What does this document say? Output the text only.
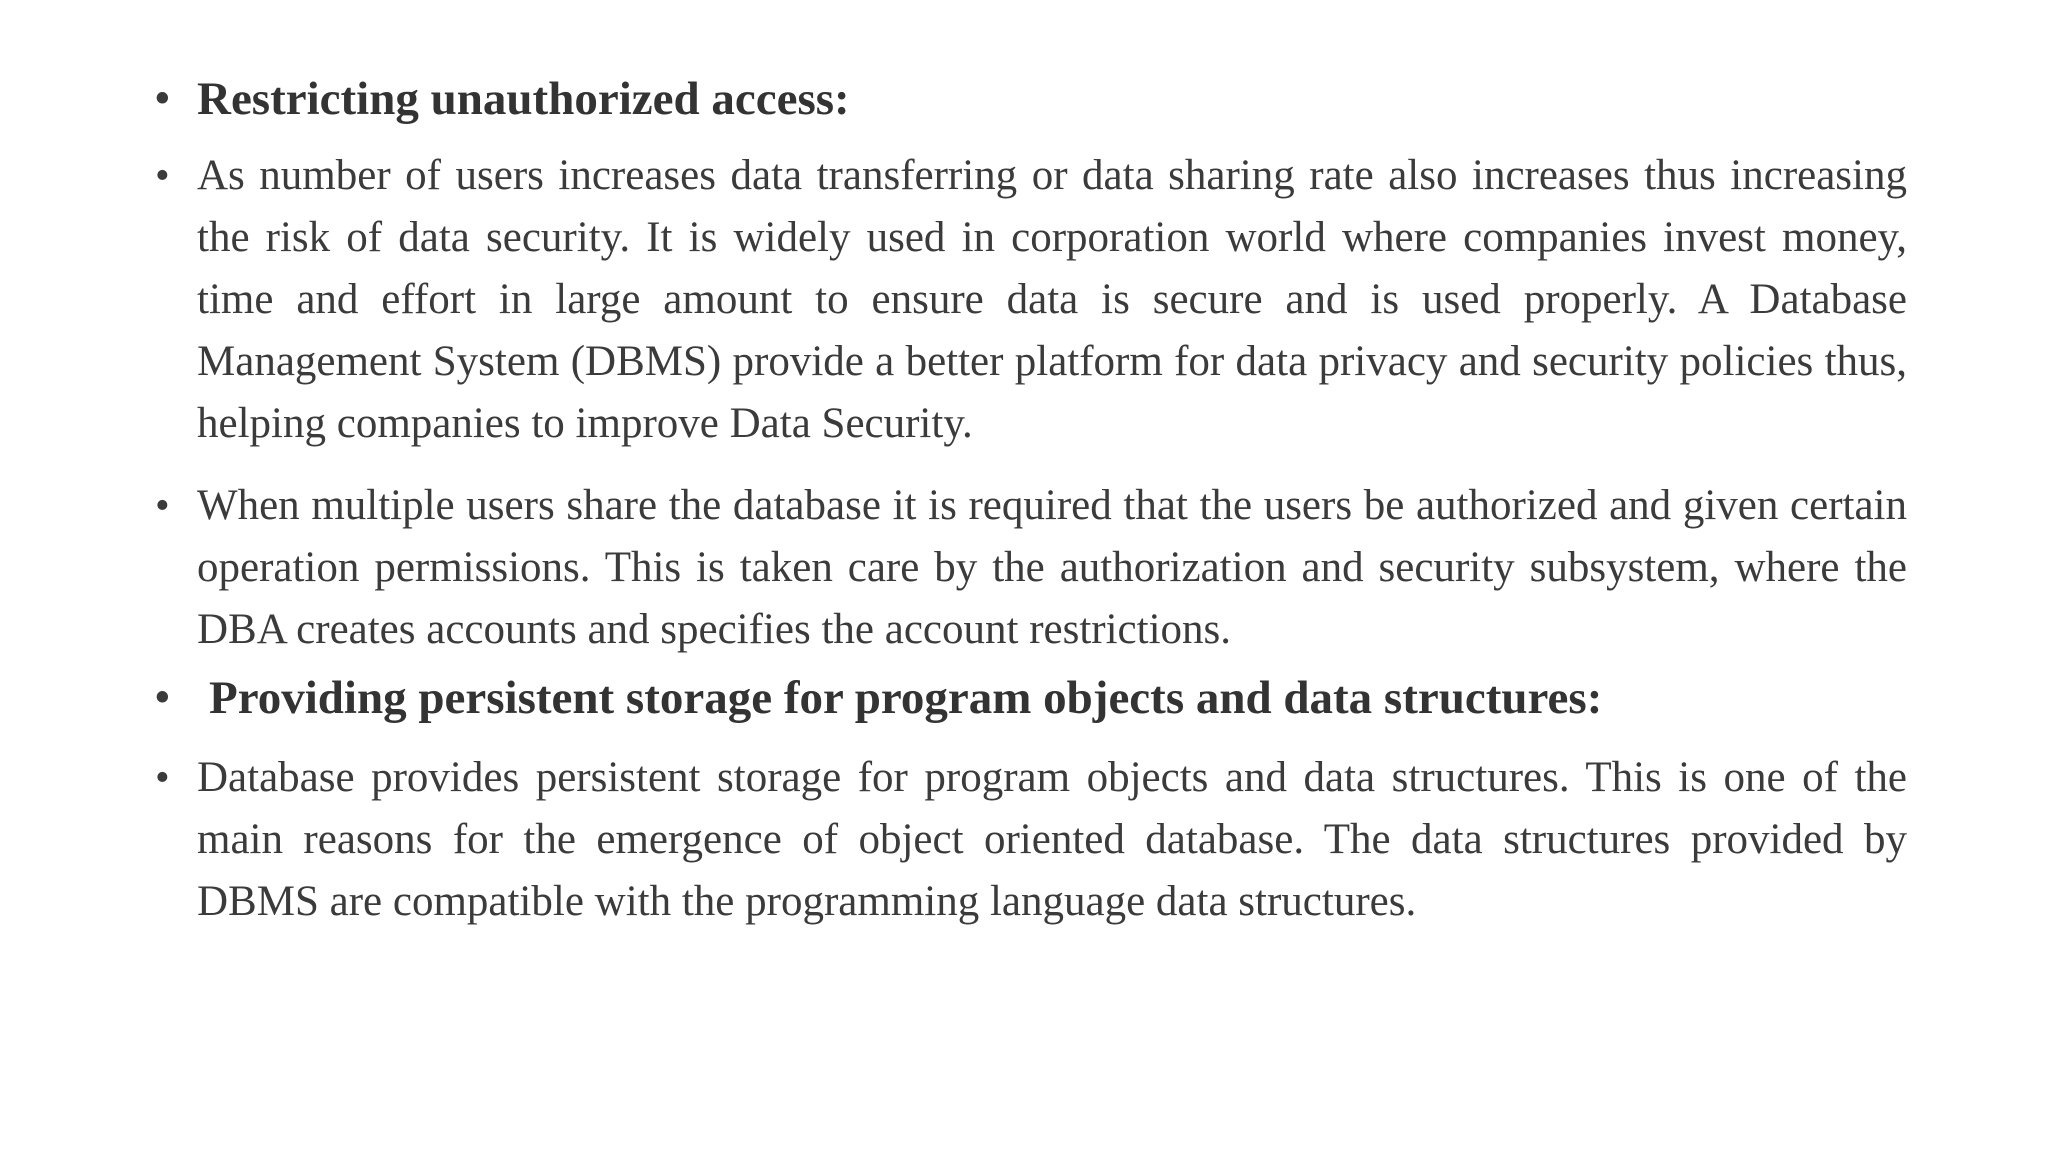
• Restricting unauthorized access:
• As number of users increases data transferring or data sharing rate also increases thus increasing the risk of data security. It is widely used in corporation world where companies invest money, time and effort in large amount to ensure data is secure and is used properly. A Database Management System (DBMS) provide a better platform for data privacy and security policies thus, helping companies to improve Data Security.
• When multiple users share the database it is required that the users be authorized and given certain operation permissions. This is taken care by the authorization and security subsystem, where the DBA creates accounts and specifies the account restrictions.
• Providing persistent storage for program objects and data structures:
• Database provides persistent storage for program objects and data structures. This is one of the main reasons for the emergence of object oriented database. The data structures provided by DBMS are compatible with the programming language data structures.
